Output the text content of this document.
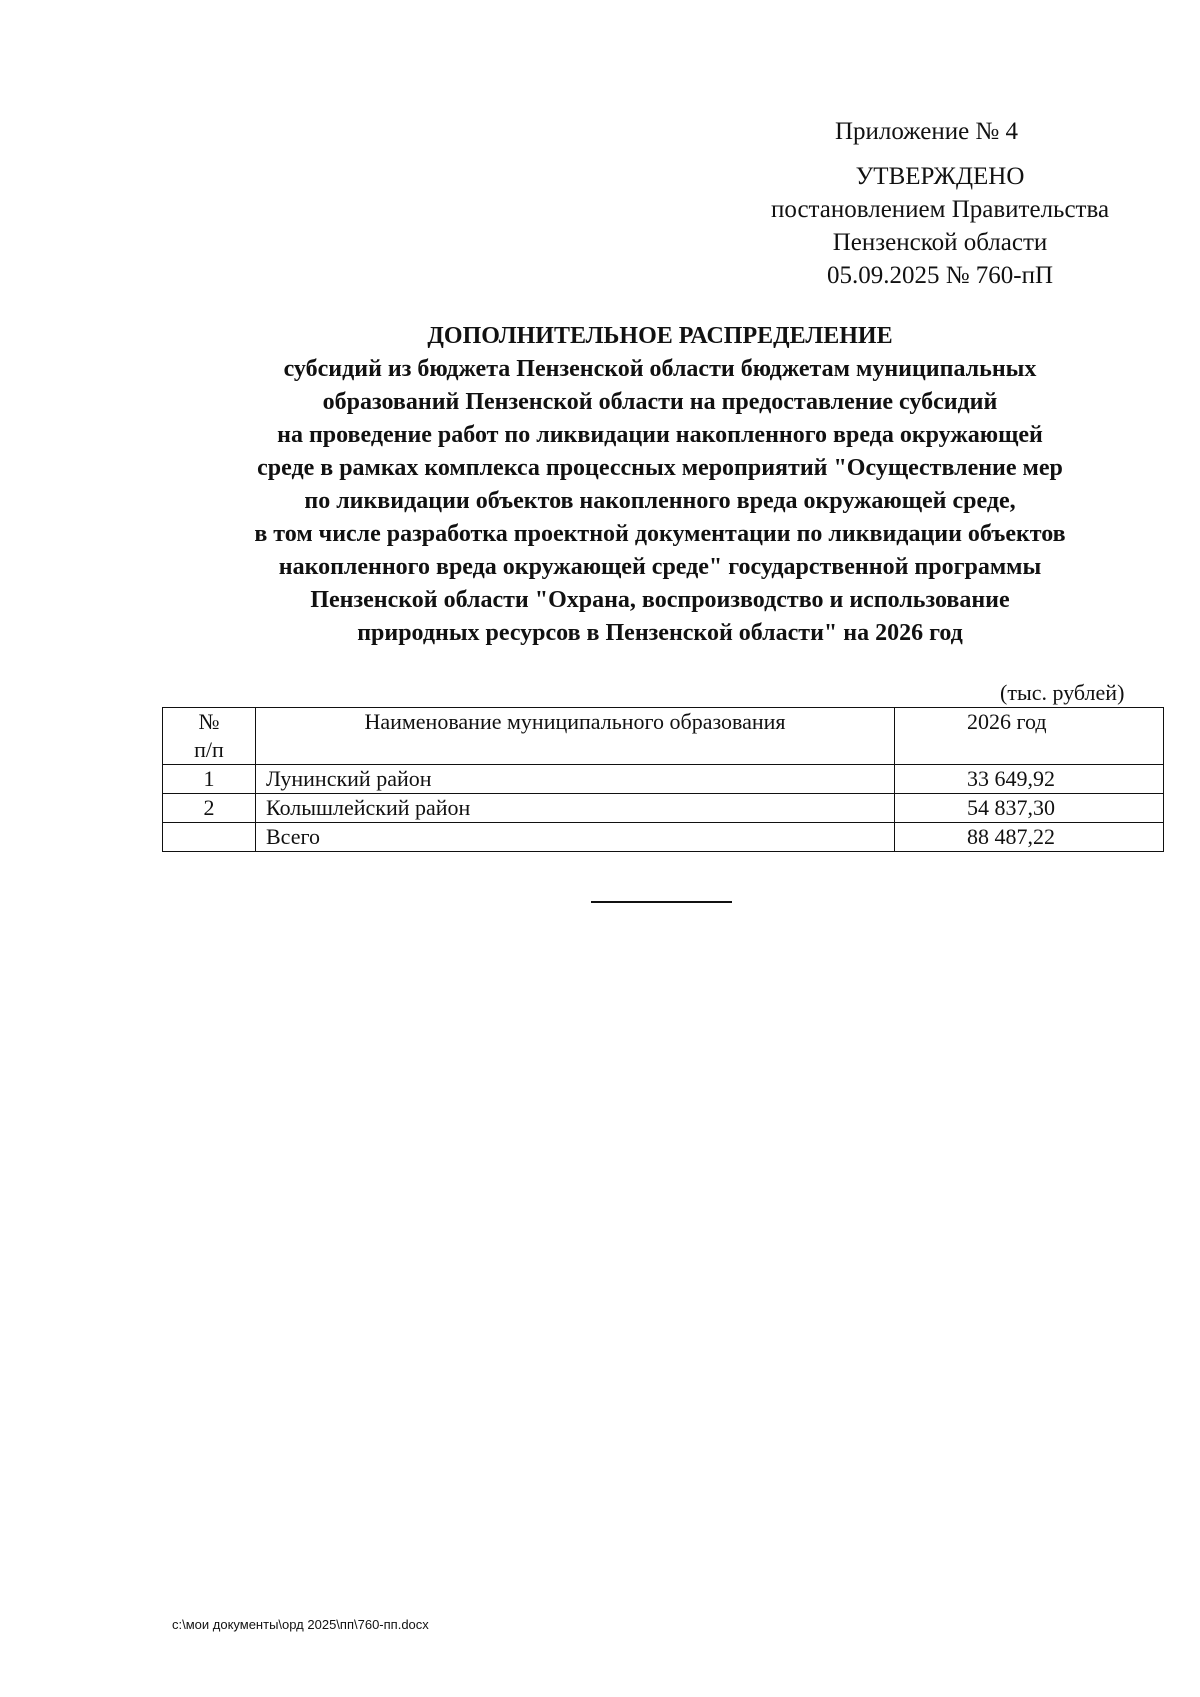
Приложение № 4
УТВЕРЖДЕНО
постановлением Правительства
Пензенской области
05.09.2025 № 760-пП
ДОПОЛНИТЕЛЬНОЕ РАСПРЕДЕЛЕНИЕ
субсидий из бюджета Пензенской области бюджетам муниципальных
образований Пензенской области на предоставление субсидий
на проведение работ по ликвидации накопленного вреда окружающей
среде в рамках комплекса процессных мероприятий "Осуществление мер
по ликвидации объектов накопленного вреда окружающей среде,
в том числе разработка проектной документации по ликвидации объектов
накопленного вреда окружающей среде" государственной программы
Пензенской области "Охрана, воспроизводство и использование
природных ресурсов в Пензенской области" на 2026 год
(тыс. рублей)
№
п/п	Наименование муниципального образования	2026 год
1	Лунинский район	33 649,92
2	Колышлейский район	54 837,30
	Всего	88 487,22
c:\мои документы\орд 2025\пп\760-пп.docx
